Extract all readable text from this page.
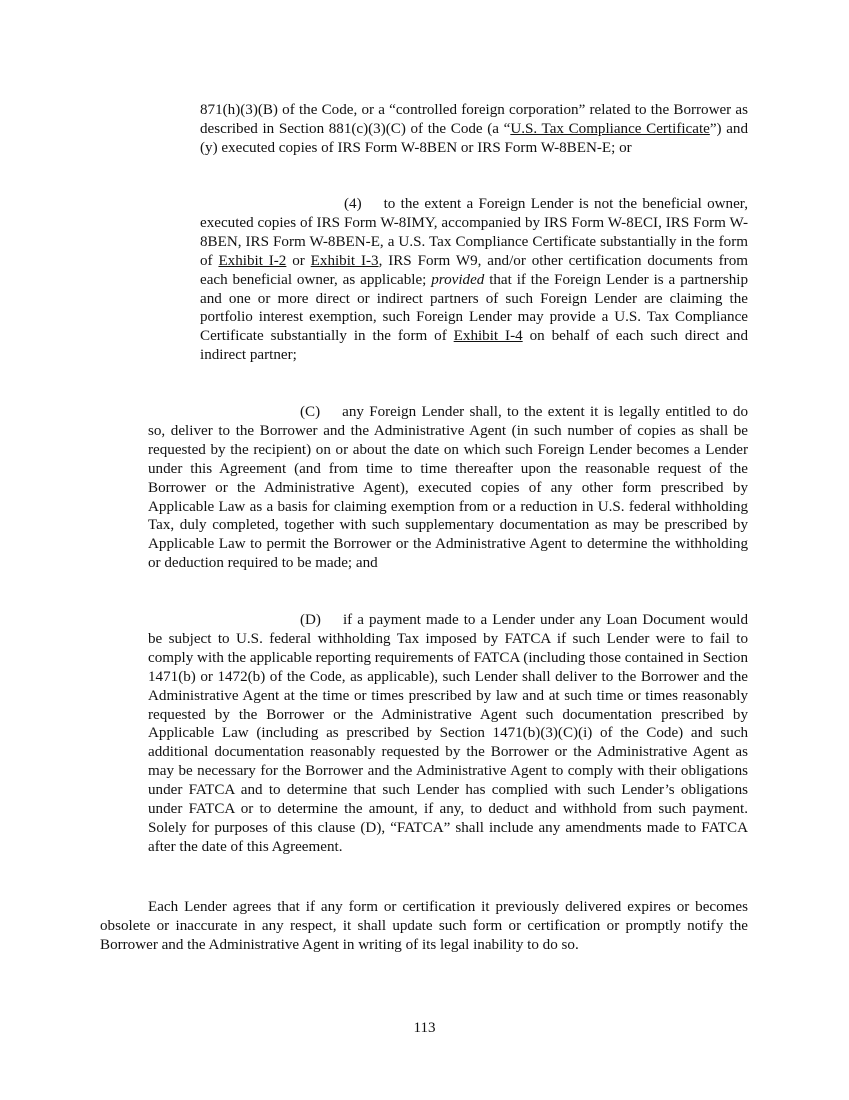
871(h)(3)(B) of the Code, or a “controlled foreign corporation” related to the Borrower as described in Section 881(c)(3)(C) of the Code (a “U.S. Tax Compliance Certificate”) and (y) executed copies of IRS Form W-8BEN or IRS Form W-8BEN-E; or

(4) to the extent a Foreign Lender is not the beneficial owner, executed copies of IRS Form W-8IMY, accompanied by IRS Form W-8ECI, IRS Form W-8BEN, IRS Form W-8BEN-E, a U.S. Tax Compliance Certificate substantially in the form of Exhibit I-2 or Exhibit I-3, IRS Form W9, and/or other certification documents from each beneficial owner, as applicable; provided that if the Foreign Lender is a partnership and one or more direct or indirect partners of such Foreign Lender are claiming the portfolio interest exemption, such Foreign Lender may provide a U.S. Tax Compliance Certificate substantially in the form of Exhibit I-4 on behalf of each such direct and indirect partner;

(C) any Foreign Lender shall, to the extent it is legally entitled to do so, deliver to the Borrower and the Administrative Agent (in such number of copies as shall be requested by the recipient) on or about the date on which such Foreign Lender becomes a Lender under this Agreement (and from time to time thereafter upon the reasonable request of the Borrower or the Administrative Agent), executed copies of any other form prescribed by Applicable Law as a basis for claiming exemption from or a reduction in U.S. federal withholding Tax, duly completed, together with such supplementary documentation as may be prescribed by Applicable Law to permit the Borrower or the Administrative Agent to determine the withholding or deduction required to be made; and

(D) if a payment made to a Lender under any Loan Document would be subject to U.S. federal withholding Tax imposed by FATCA if such Lender were to fail to comply with the applicable reporting requirements of FATCA (including those contained in Section 1471(b) or 1472(b) of the Code, as applicable), such Lender shall deliver to the Borrower and the Administrative Agent at the time or times prescribed by law and at such time or times reasonably requested by the Borrower or the Administrative Agent such documentation prescribed by Applicable Law (including as prescribed by Section 1471(b)(3)(C)(i) of the Code) and such additional documentation reasonably requested by the Borrower or the Administrative Agent as may be necessary for the Borrower and the Administrative Agent to comply with their obligations under FATCA and to determine that such Lender has complied with such Lender’s obligations under FATCA or to determine the amount, if any, to deduct and withhold from such payment. Solely for purposes of this clause (D), “FATCA” shall include any amendments made to FATCA after the date of this Agreement.

Each Lender agrees that if any form or certification it previously delivered expires or becomes obsolete or inaccurate in any respect, it shall update such form or certification or promptly notify the Borrower and the Administrative Agent in writing of its legal inability to do so.

113
